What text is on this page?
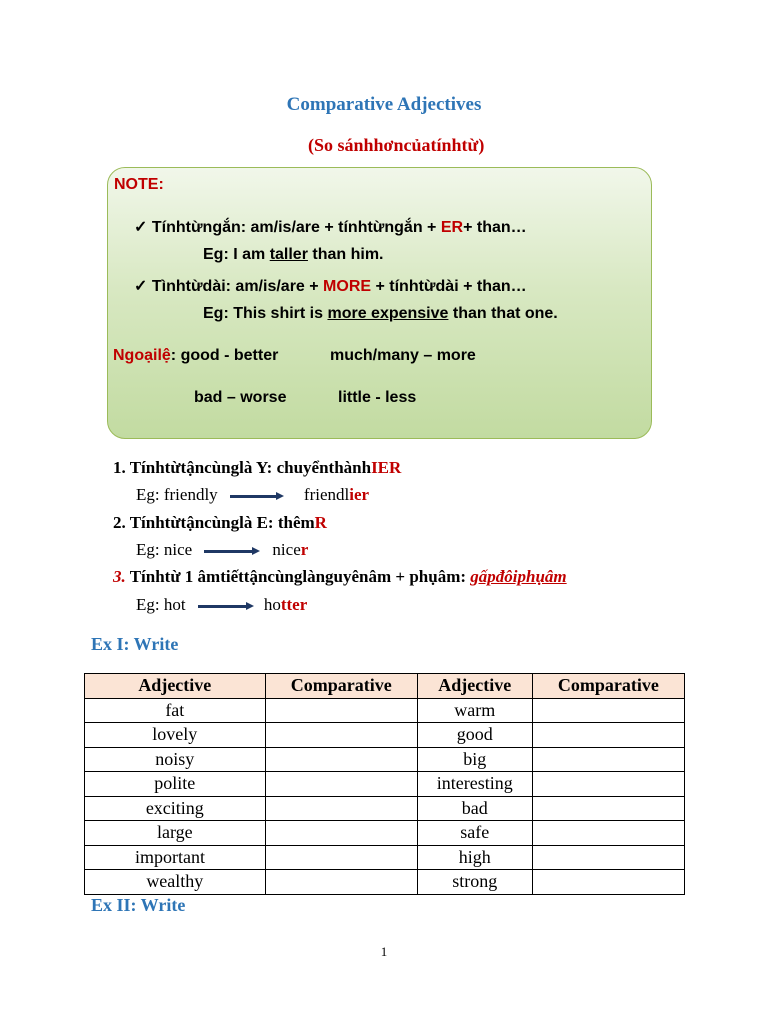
Comparative Adjectives
(So sánhhơncủatínhtừ)
NOTE:
✓ Tínhtừngắn: am/is/are + tínhtừngắn + ER+ than…
Eg: I am taller than him.
✓ Tìnhtừdài: am/is/are + MORE + tínhtừdài + than…
Eg: This shirt is more expensive than that one.
Ngoạilệ: good - better	much/many – more
bad – worse	little - less
1. Tínhtừtậncùnglà Y: chuyểnthànhIER
Eg: friendly	friendlier
2. Tínhtừtậncùnglà E: thêmR
Eg: nice	nicer
3. Tínhtừ 1 âmtiếttậncùnglànguyênâm + phụâm: gấpđôiphụâm
Eg: hot	hotter
Ex I: Write
Adjective	Comparative	Adjective	Comparative
fat		warm	
lovely		good	
noisy		big	
polite		interesting	
exciting		bad	
large		safe	
important		high	
wealthy		strong	
Ex II: Write
1
